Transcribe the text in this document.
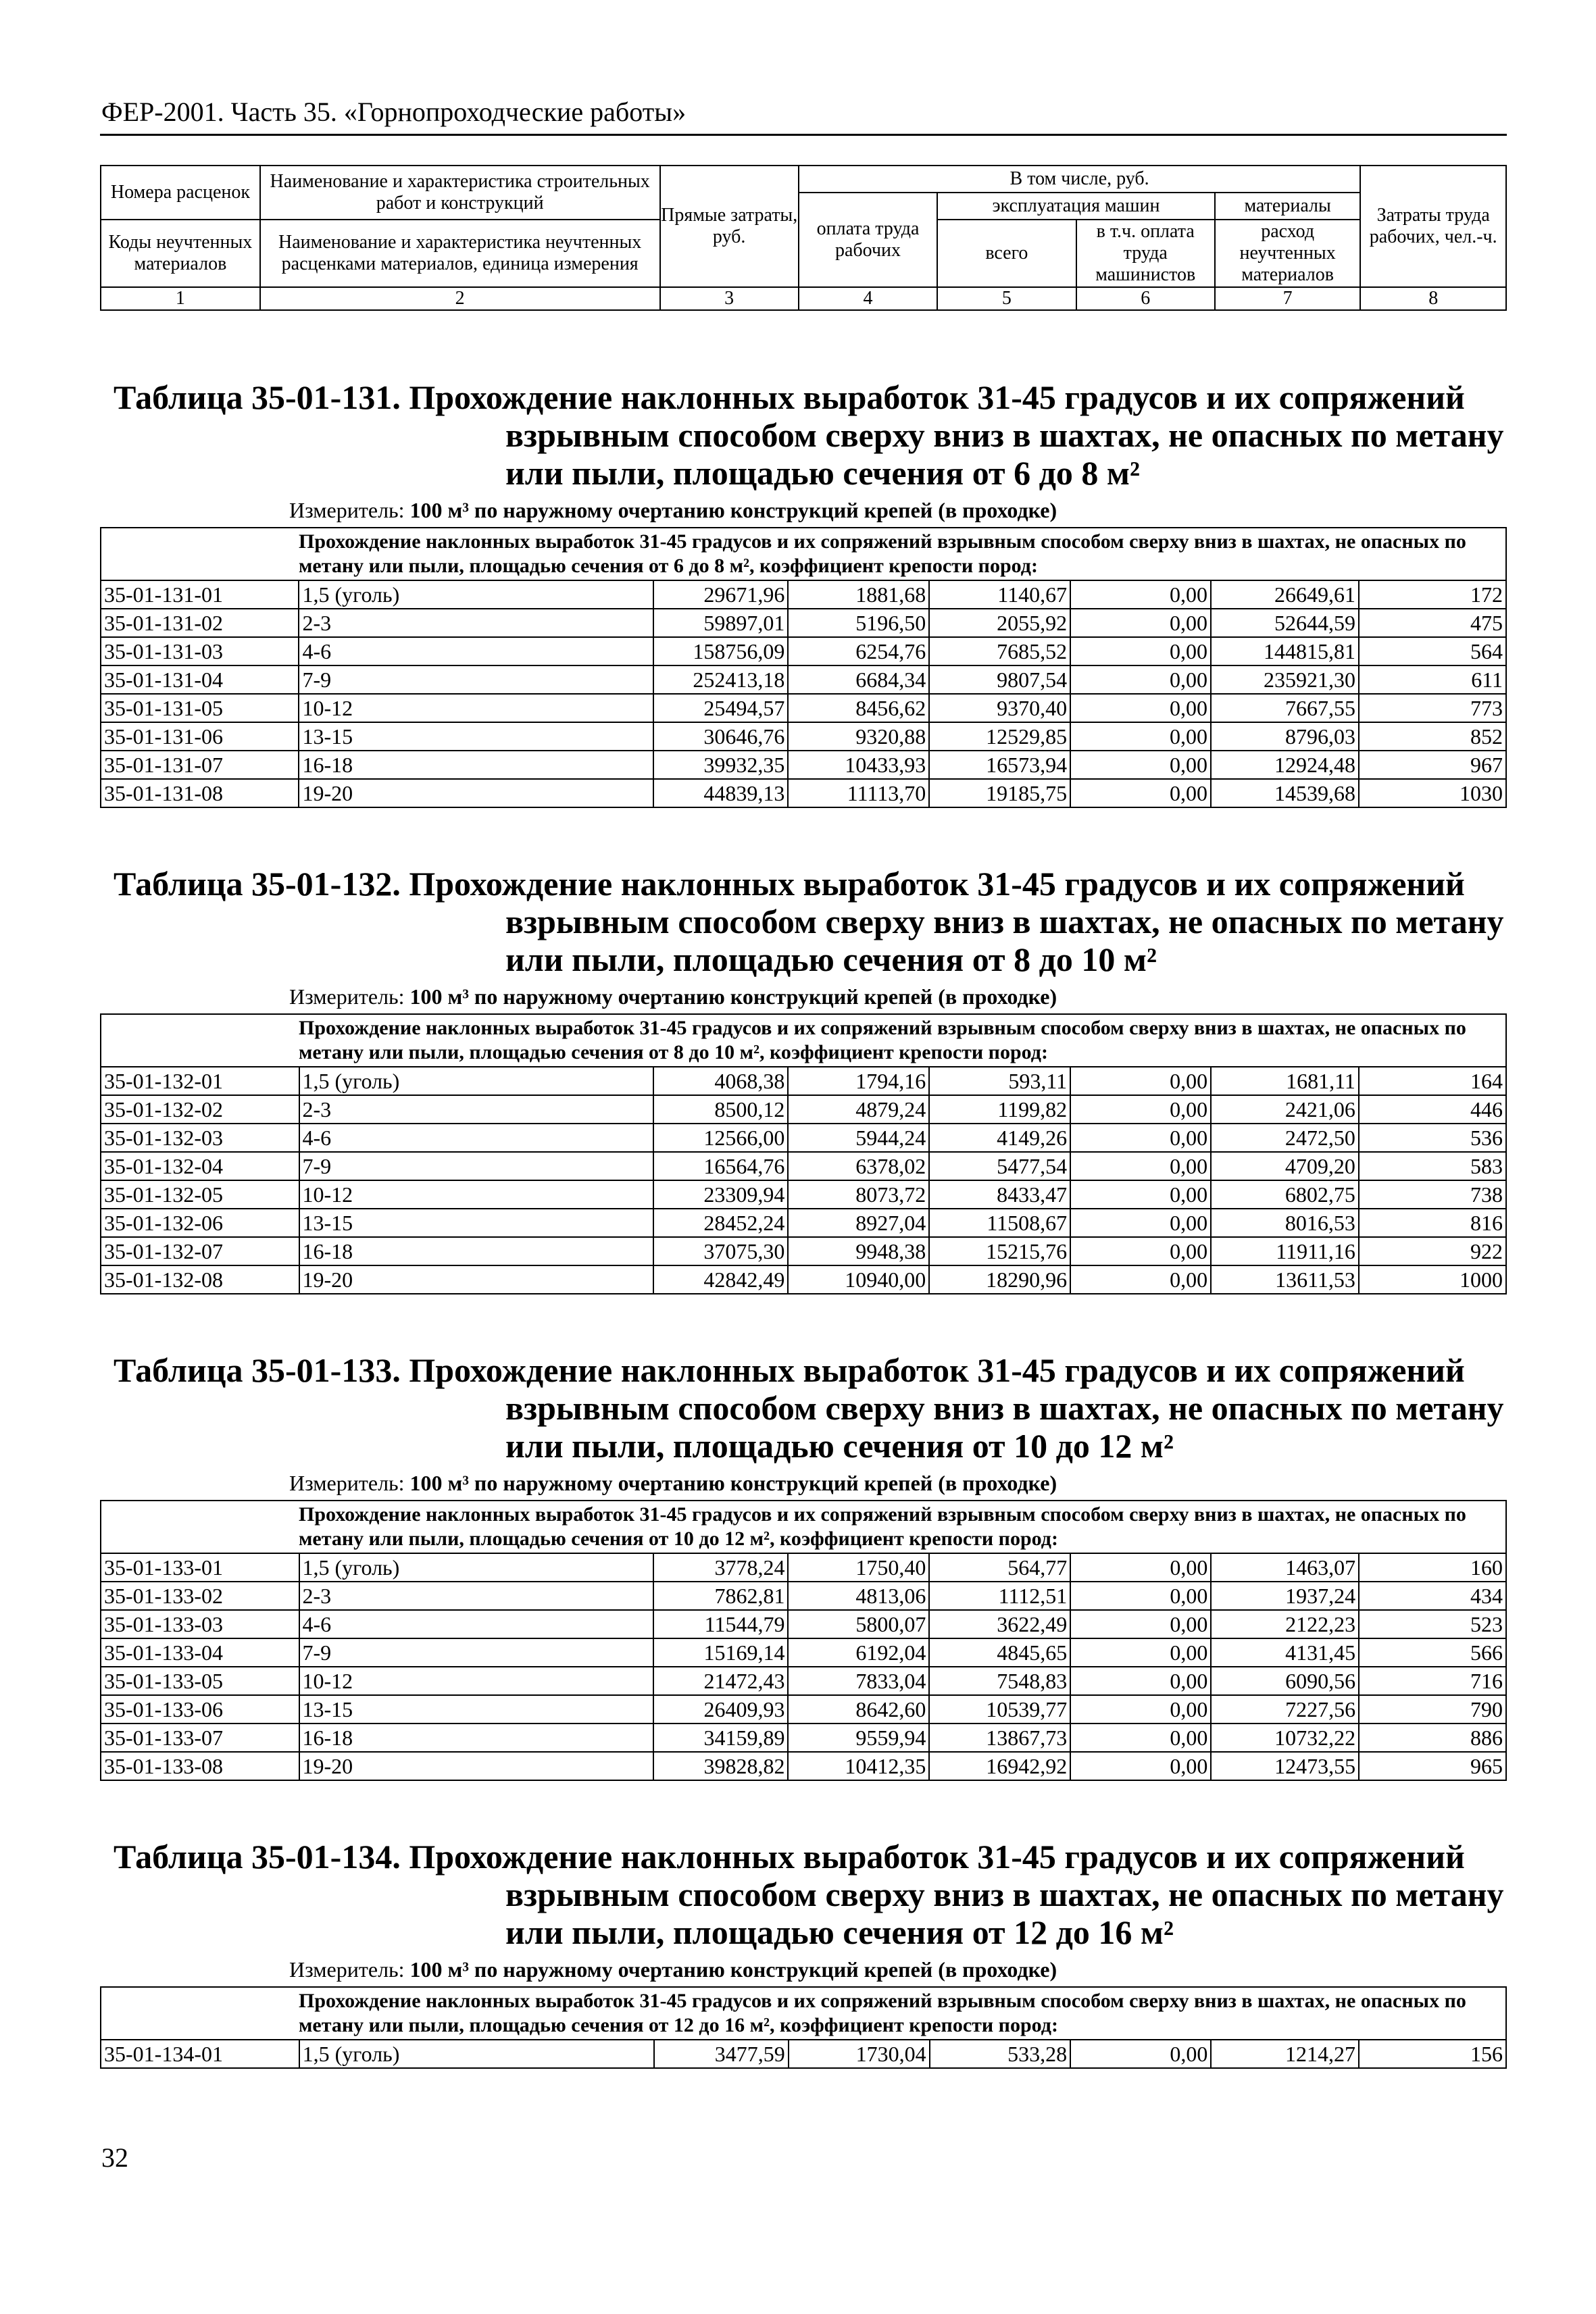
ФЕР-2001. Часть 35. «Горнопроходческие работы»
Номера расценок	Наименование и характеристика строительных работ и конструкций	Прямые затраты, руб.	В том числе, руб.				Затраты труда рабочих, чел.-ч.
			оплата труда рабочих	эксплуатация машин		материалы	
Коды неучтенных материалов	Наименование и характеристика неучтенных расценками материалов, единица измерения			всего	в т.ч. оплата труда машинистов	расход неучтенных материалов	

1	2	3	4	5	6	7	8
Таблица 35-01-131. Прохождение наклонных выработок 31-45 градусов и их сопряжений взрывным способом сверху вниз в шахтах, не опасных по метану или пыли, площадью сечения от 6 до 8 м²
Измеритель: 100 м³ по наружному очертанию конструкций крепей (в проходке)
Прохождение наклонных выработок 31-45 градусов и их сопряжений взрывным способом сверху вниз в шахтах, не опасных по метану или пыли, площадью сечения от 6 до 8 м², коэффициент крепости пород:							
35-01-131-01	1,5 (уголь)	29671,96	1881,68	1140,67	0,00	26649,61	172
35-01-131-02	2-3	59897,01	5196,50	2055,92	0,00	52644,59	475
35-01-131-03	4-6	158756,09	6254,76	7685,52	0,00	144815,81	564
35-01-131-04	7-9	252413,18	6684,34	9807,54	0,00	235921,30	611
35-01-131-05	10-12	25494,57	8456,62	9370,40	0,00	7667,55	773
35-01-131-06	13-15	30646,76	9320,88	12529,85	0,00	8796,03	852
35-01-131-07	16-18	39932,35	10433,93	16573,94	0,00	12924,48	967
35-01-131-08	19-20	44839,13	11113,70	19185,75	0,00	14539,68	1030
Таблица 35-01-132. Прохождение наклонных выработок 31-45 градусов и их сопряжений взрывным способом сверху вниз в шахтах, не опасных по метану или пыли, площадью сечения от 8 до 10 м²
Измеритель: 100 м³ по наружному очертанию конструкций крепей (в проходке)
Прохождение наклонных выработок 31-45 градусов и их сопряжений взрывным способом сверху вниз в шахтах, не опасных по метану или пыли, площадью сечения от 8 до 10 м², коэффициент крепости пород:							
35-01-132-01	1,5 (уголь)	4068,38	1794,16	593,11	0,00	1681,11	164
35-01-132-02	2-3	8500,12	4879,24	1199,82	0,00	2421,06	446
35-01-132-03	4-6	12566,00	5944,24	4149,26	0,00	2472,50	536
35-01-132-04	7-9	16564,76	6378,02	5477,54	0,00	4709,20	583
35-01-132-05	10-12	23309,94	8073,72	8433,47	0,00	6802,75	738
35-01-132-06	13-15	28452,24	8927,04	11508,67	0,00	8016,53	816
35-01-132-07	16-18	37075,30	9948,38	15215,76	0,00	11911,16	922
35-01-132-08	19-20	42842,49	10940,00	18290,96	0,00	13611,53	1000
Таблица 35-01-133. Прохождение наклонных выработок 31-45 градусов и их сопряжений взрывным способом сверху вниз в шахтах, не опасных по метану или пыли, площадью сечения от 10 до 12 м²
Измеритель: 100 м³ по наружному очертанию конструкций крепей (в проходке)
Прохождение наклонных выработок 31-45 градусов и их сопряжений взрывным способом сверху вниз в шахтах, не опасных по метану или пыли, площадью сечения от 10 до 12 м², коэффициент крепости пород:							
35-01-133-01	1,5 (уголь)	3778,24	1750,40	564,77	0,00	1463,07	160
35-01-133-02	2-3	7862,81	4813,06	1112,51	0,00	1937,24	434
35-01-133-03	4-6	11544,79	5800,07	3622,49	0,00	2122,23	523
35-01-133-04	7-9	15169,14	6192,04	4845,65	0,00	4131,45	566
35-01-133-05	10-12	21472,43	7833,04	7548,83	0,00	6090,56	716
35-01-133-06	13-15	26409,93	8642,60	10539,77	0,00	7227,56	790
35-01-133-07	16-18	34159,89	9559,94	13867,73	0,00	10732,22	886
35-01-133-08	19-20	39828,82	10412,35	16942,92	0,00	12473,55	965
Таблица 35-01-134. Прохождение наклонных выработок 31-45 градусов и их сопряжений взрывным способом сверху вниз в шахтах, не опасных по метану или пыли, площадью сечения от 12 до 16 м²
Измеритель: 100 м³ по наружному очертанию конструкций крепей (в проходке)
Прохождение наклонных выработок 31-45 градусов и их сопряжений взрывным способом сверху вниз в шахтах, не опасных по метану или пыли, площадью сечения от 12 до 16 м², коэффициент крепости пород:
35-01-134-01	1,5 (уголь)	3477,59	1730,04	533,28	0,00	1214,27	156
32
